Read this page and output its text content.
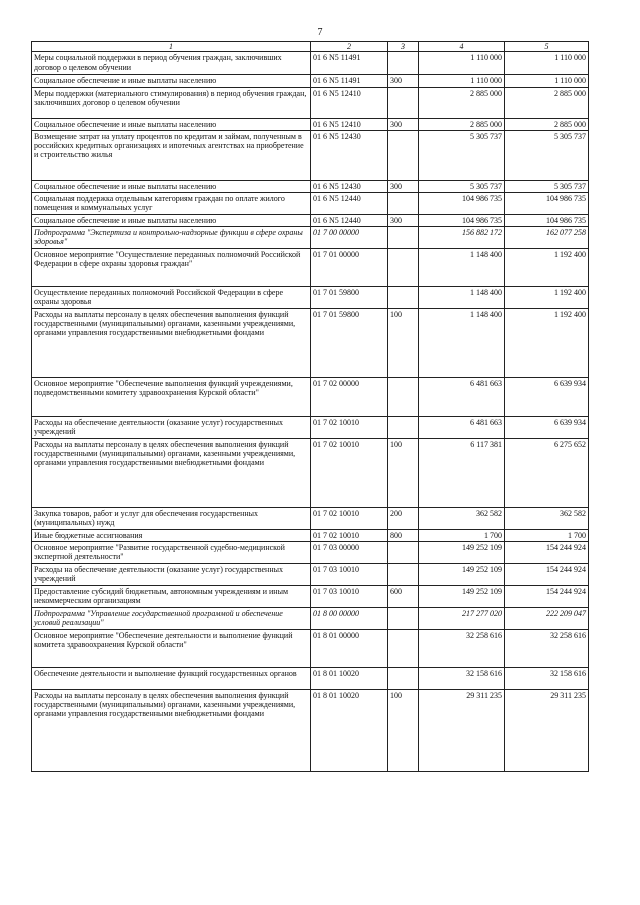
7
1	2	3	4	5
Меры социальной поддержки в период обучения граждан, заключивших договор о целевом обучении	01 6 N5 11491		1 110 000	1 110 000
Социальное обеспечение и иные выплаты населению	01 6 N5 11491	300	1 110 000	1 110 000
Меры поддержки (материального стимулирования) в период обучения граждан, заключивших договор о целевом обучении	01 6 N5 12410		2 885 000	2 885 000
Социальное обеспечение и иные выплаты населению	01 6 N5 12410	300	2 885 000	2 885 000
Возмещение затрат на уплату процентов по кредитам и займам, полученным в российских кредитных организациях и ипотечных агентствах на приобретение и строительство жилья	01 6 N5 12430		5 305 737	5 305 737
Социальное обеспечение и иные выплаты населению	01 6 N5 12430	300	5 305 737	5 305 737
Социальная поддержка отдельным категориям граждан по оплате жилого помещения и коммунальных услуг	01 6 N5 12440		104 986 735	104 986 735
Социальное обеспечение и иные выплаты населению	01 6 N5 12440	300	104 986 735	104 986 735
Подпрограмма "Экспертиза и контрольно-надзорные функции в сфере охраны здоровья"	01 7 00 00000		156 882 172	162 077 258
Основное мероприятие "Осуществление переданных полномочий Российской Федерации в сфере охраны здоровья граждан"	01 7 01 00000		1 148 400	1 192 400
Осуществление переданных полномочий Российской Федерации в сфере охраны здоровья	01 7 01 59800		1 148 400	1 192 400
Расходы на выплаты персоналу в целях обеспечения выполнения функций государственными (муниципальными) органами, казенными учреждениями, органами управления государственными внебюджетными фондами	01 7 01 59800	100	1 148 400	1 192 400
Основное мероприятие "Обеспечение выполнения функций учреждениями, подведомственными комитету здравоохранения Курской области"	01 7 02 00000		6 481 663	6 639 934
Расходы на обеспечение деятельности (оказание услуг) государственных учреждений	01 7 02 10010		6 481 663	6 639 934
Расходы на выплаты персоналу в целях обеспечения выполнения функций государственными (муниципальными) органами, казенными учреждениями, органами управления государственными внебюджетными фондами	01 7 02 10010	100	6 117 381	6 275 652
Закупка товаров, работ и услуг для обеспечения государственных (муниципальных) нужд	01 7 02 10010	200	362 582	362 582
Иные бюджетные ассигнования	01 7 02 10010	800	1 700	1 700
Основное мероприятие "Развитие государственной судебно-медицинской экспертной деятельности"	01 7 03 00000		149 252 109	154 244 924
Расходы на обеспечение деятельности (оказание услуг) государственных учреждений	01 7 03 10010		149 252 109	154 244 924
Предоставление субсидий бюджетным, автономным учреждениям и иным некоммерческим организациям	01 7 03 10010	600	149 252 109	154 244 924
Подпрограмма "Управление государственной программой и обеспечение условий реализации"	01 8 00 00000		217 277 020	222 209 047
Основное мероприятие "Обеспечение деятельности и выполнение функций комитета здравоохранения Курской области"	01 8 01 00000		32 258 616	32 258 616
Обеспечение деятельности и выполнение функций государственных органов	01 8 01 10020		32 158 616	32 158 616
Расходы на выплаты персоналу в целях обеспечения выполнения функций государственными (муниципальными) органами, казенными учреждениями, органами управления государственными внебюджетными фондами	01 8 01 10020	100	29 311 235	29 311 235
